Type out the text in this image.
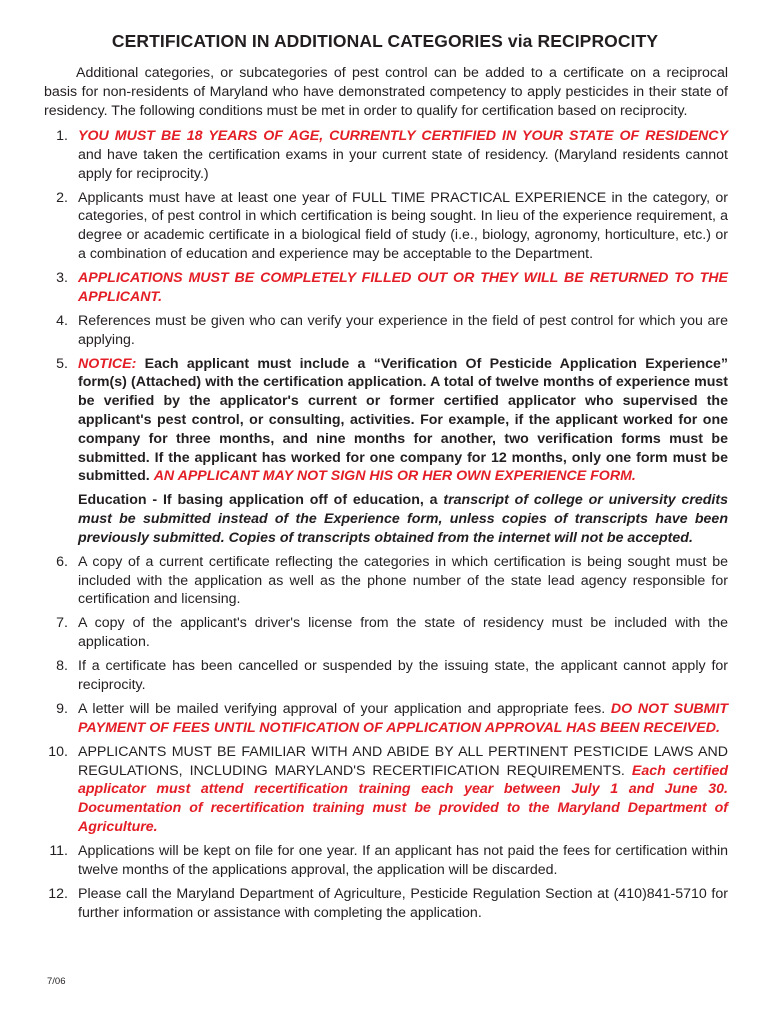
CERTIFICATION IN ADDITIONAL CATEGORIES via RECIPROCITY
Additional categories, or subcategories of pest control can be added to a certificate on a reciprocal basis for non-residents of Maryland who have demonstrated competency to apply pesticides in their state of residency. The following conditions must be met in order to qualify for certification based on reciprocity.
1. YOU MUST BE 18 YEARS OF AGE, CURRENTLY CERTIFIED IN YOUR STATE OF RESIDENCY and have taken the certification exams in your current state of residency. (Maryland residents cannot apply for reciprocity.)
2. Applicants must have at least one year of FULL TIME PRACTICAL EXPERIENCE in the category, or categories, of pest control in which certification is being sought. In lieu of the experience requirement, a degree or academic certificate in a biological field of study (i.e., biology, agronomy, horticulture, etc.) or a combination of education and experience may be acceptable to the Department.
3. APPLICATIONS MUST BE COMPLETELY FILLED OUT OR THEY WILL BE RETURNED TO THE APPLICANT.
4. References must be given who can verify your experience in the field of pest control for which you are applying.
5. NOTICE: Each applicant must include a “Verification Of Pesticide Application Experience” form(s) (Attached) with the certification application. A total of twelve months of experience must be verified by the applicator's current or former certified applicator who supervised the applicant's pest control, or consulting, activities. For example, if the applicant worked for one company for three months, and nine months for another, two verification forms must be submitted. If the applicant has worked for one company for 12 months, only one form must be submitted. AN APPLICANT MAY NOT SIGN HIS OR HER OWN EXPERIENCE FORM.
Education - If basing application off of education, a transcript of college or university credits must be submitted instead of the Experience form, unless copies of transcripts have been previously submitted. Copies of transcripts obtained from the internet will not be accepted.
6. A copy of a current certificate reflecting the categories in which certification is being sought must be included with the application as well as the phone number of the state lead agency responsible for certification and licensing.
7. A copy of the applicant's driver's license from the state of residency must be included with the application.
8. If a certificate has been cancelled or suspended by the issuing state, the applicant cannot apply for reciprocity.
9. A letter will be mailed verifying approval of your application and appropriate fees. DO NOT SUBMIT PAYMENT OF FEES UNTIL NOTIFICATION OF APPLICATION APPROVAL HAS BEEN RECEIVED.
10. APPLICANTS MUST BE FAMILIAR WITH AND ABIDE BY ALL PERTINENT PESTICIDE LAWS AND REGULATIONS, INCLUDING MARYLAND'S RECERTIFICATION REQUIREMENTS. Each certified applicator must attend recertification training each year between July 1 and June 30. Documentation of recertification training must be provided to the Maryland Department of Agriculture.
11. Applications will be kept on file for one year. If an applicant has not paid the fees for certification within twelve months of the applications approval, the application will be discarded.
12. Please call the Maryland Department of Agriculture, Pesticide Regulation Section at (410)841-5710 for further information or assistance with completing the application.
7/06
